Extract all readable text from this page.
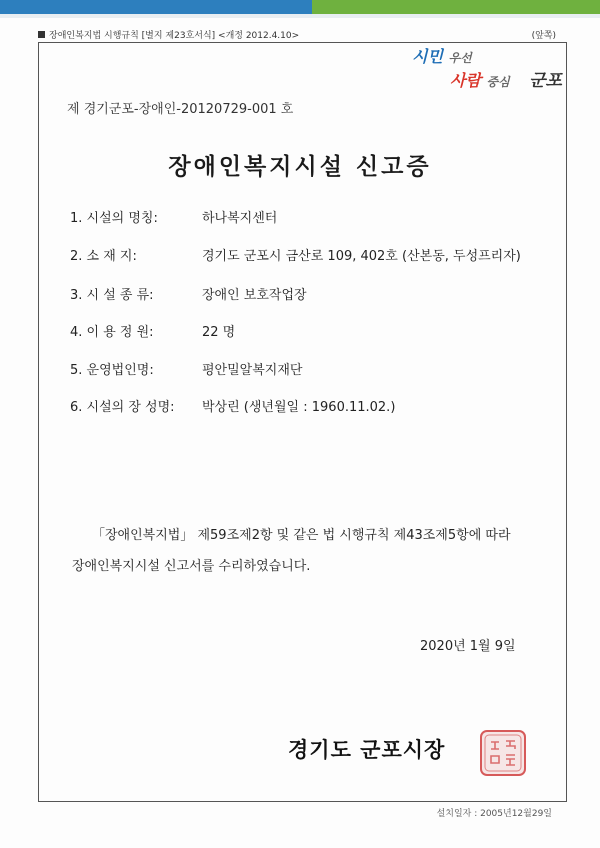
장애인복지법 시행규칙 [별지 제23호서식] <개정 2012.4.10>	(앞쪽)
시민 우선
사람 중심 군포
제 경기군포-장애인-20120729-001 호
장애인복지시설 신고증
1. 시설의 명칭:	하나복지센터
2. 소 재 지:	경기도 군포시 금산로 109, 402호 (산본동, 두성프리자)
3. 시 설 종 류:	장애인 보호작업장
4. 이 용 정 원:	22 명
5. 운영법인명:	평안밀알복지재단
6. 시설의 장 성명: 박상린 (생년월일 : 1960.11.02.)
「장애인복지법」 제59조제2항 및 같은 법 시행규칙 제43조제5항에 따라
장애인복지시설 신고서를 수리하였습니다.
2020년 1월 9일
경기도 군포시장
설치일자 : 2005년12월29일
